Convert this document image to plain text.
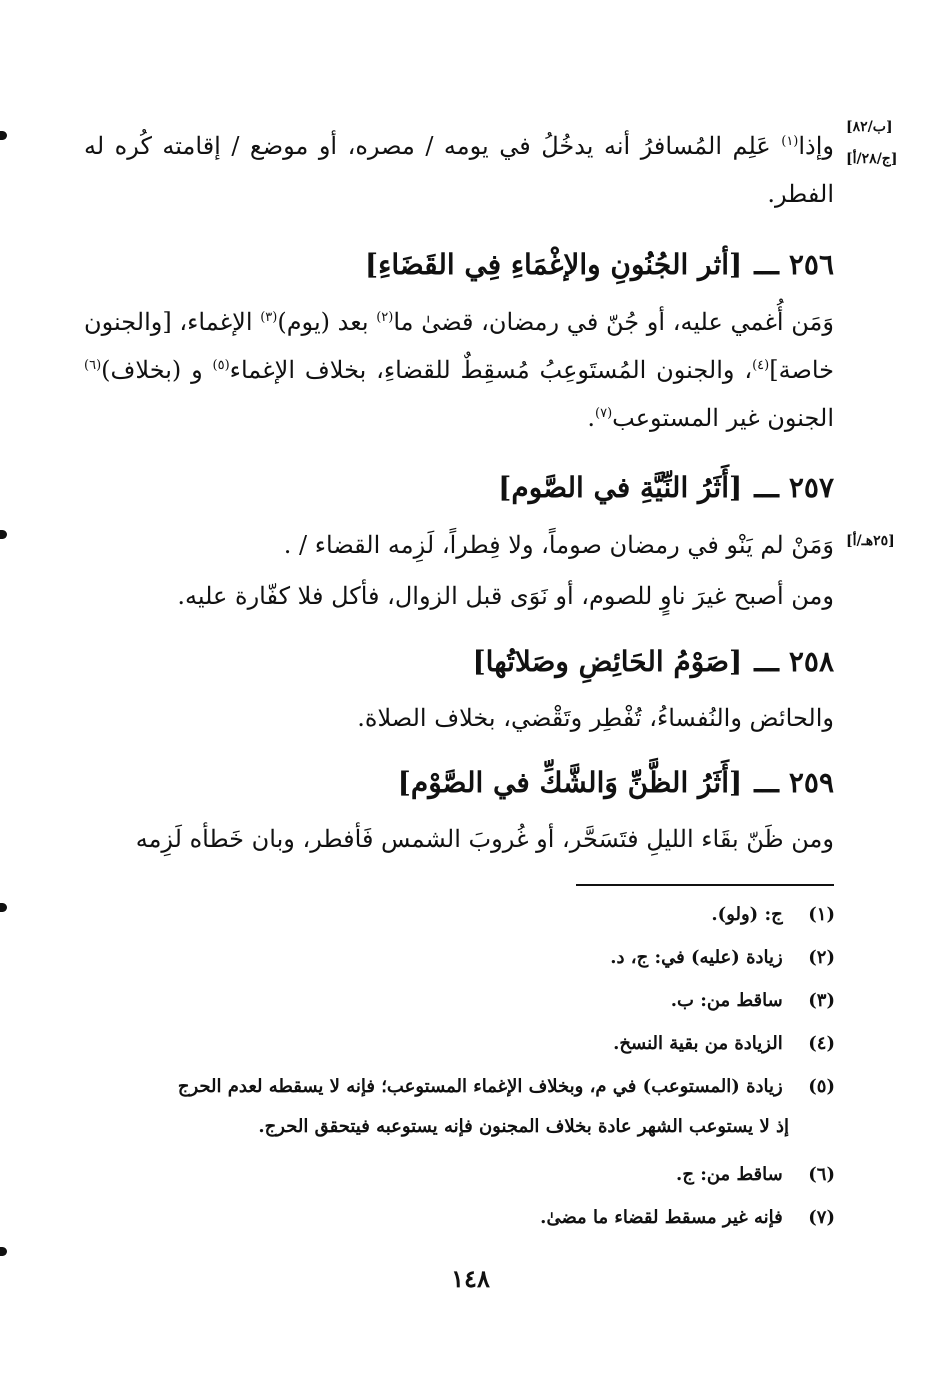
[ب/٨٢]
[ج/٢٨/أ]
[٢٥هـ/أ]
وإذا$^{(١)}$ عَلِم المُسافرُ أنه يدخُلُ في يومه / مصره، أو موضع / إقامته كُره له الفطر.
٢٥٦ـــ[أثر الجُنُونِ والإغْمَاءِ فِي القَضَاءِ]
وَمَن أُغمي عليه، أو جُنّ في رمضان، قضىٰ ما$^{(٢)}$ بعد (يوم)$^{(٣)}$ الإغماء، [والجنون خاصة]$^{(٤)}$، والجنون المُستَوعِبُ مُسقِطٌ للقضاءِ، بخلاف الإغماء$^{(٥)}$ و (بخلاف)$^{(٦)}$ الجنون غير المستوعب$^{(٧)}$.
٢٥٧ـــ[أَثَرُ النِّيَّةِ في الصَّوم]
وَمَنْ لم يَنْو في رمضان صوماً، ولا فِطراً، لَزِمه القضاء / .
ومن أصبح غيرَ ناوٍ للصوم، أو نَوَى قبل الزوال، فأكل فلا كفّارة عليه.
٢٥٨ـــ[صَوْمُ الحَائِضِ وصَلاتُها]
والحائض والنُفساءُ، تُفْطِر وتَقْضي، بخلاف الصلاة.
٢٥٩ـــ[أَثَرُ الظَّنِّ وَالشَّكِّ في الصَّوْم]
ومن ظَنّ بقَاء الليلِ فتَسَحَّر، أو غُروبَ الشمس فَأفطر، وبان خَطأه لَزِمه
(١) ج: (ولو).
(٢) زيادة (عليه) في: ج، د.
(٣) ساقط من: ب.
(٤) الزيادة من بقية النسخ.
(٥) زيادة (المستوعب) في م، وبخلاف الإغماء المستوعب؛ فإنه لا يسقطه لعدم الحرج
إذ لا يستوعب الشهر عادة بخلاف المجنون فإنه يستوعبه فيتحقق الحرج.
(٦) ساقط من: ج.
(٧) فإنه غير مسقط لقضاء ما مضىٰ.
١٤٨
